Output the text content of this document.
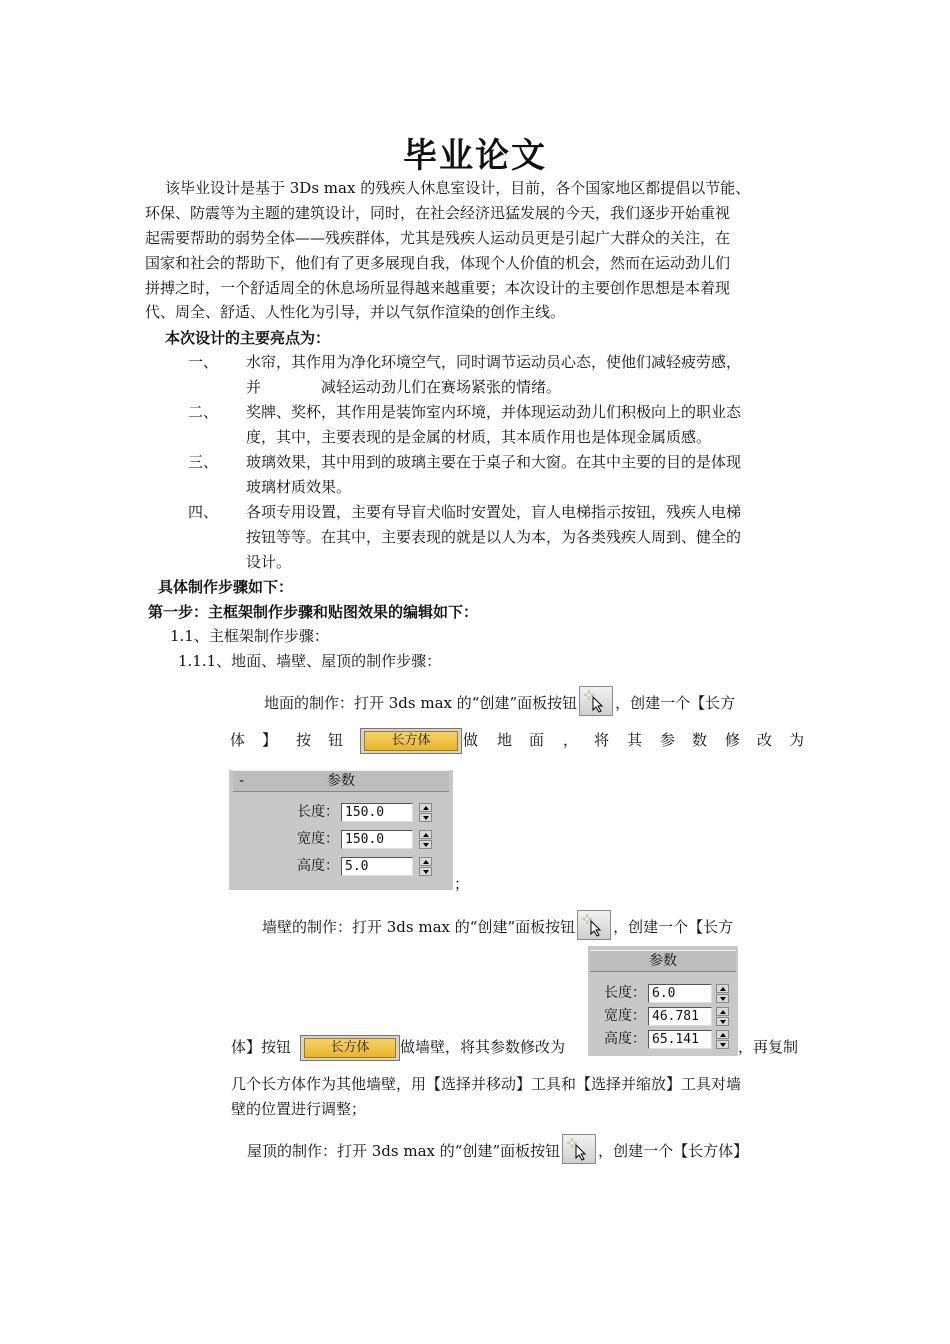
毕业论文
该毕业设计是基于 3Ds max 的残疾人休息室设计，目前，各个国家地区都提倡以节能、
环保、防震等为主题的建筑设计，同时，在社会经济迅猛发展的今天，我们逐步开始重视
起需要帮助的弱势全体——残疾群体，尤其是残疾人运动员更是引起广大群众的关注，在
国家和社会的帮助下，他们有了更多展现自我，体现个人价值的机会，然而在运动劲儿们
拼搏之时，一个舒适周全的休息场所显得越来越重要；本次设计的主要创作思想是本着现
代、周全、舒适、人性化为引导，并以气氛作渲染的创作主线。
本次设计的主要亮点为：
一、 水帘，其作用为净化环境空气，同时调节运动员心态，使他们减轻疲劳感，
并　　　　减轻运动劲儿们在赛场紧张的情绪。
二、 奖牌、奖杯，其作用是装饰室内环境，并体现运动劲儿们积极向上的职业态
度，其中，主要表现的是金属的材质，其本质作用也是体现金属质感。
三、 玻璃效果，其中用到的玻璃主要在于桌子和大窗。在其中主要的目的是体现
玻璃材质效果。
四、 各项专用设置，主要有导盲犬临时安置处，盲人电梯指示按钮，残疾人电梯
按钮等等。在其中，主要表现的就是以人为本，为各类残疾人周到、健全的
设计。
具体制作步骤如下：
第一步：主框架制作步骤和贴图效果的编辑如下：
1.1、主框架制作步骤：
1.1.1、地面、墙壁、屋顶的制作步骤：
地面的制作：打开 3ds max 的“创建”面板按钮	，创建一个【长方
体 】 按 钮	长方体	做 地 面 ， 将 其 参 数 修 改 为
-	参数
长度： 150.0
宽度： 150.0
高度： 5.0
；
墙壁的制作：打开 3ds max 的“创建”面板按钮	，创建一个【长方
参数
长度： 6.0
宽度： 46.781
高度： 65.141
体】按钮	长方体	做墙壁，将其参数修改为	，再复制
几个长方体作为其他墙壁，用【选择并移动】工具和【选择并缩放】工具对墙
壁的位置进行调整；
屋顶的制作：打开 3ds max 的“创建”面板按钮	，创建一个【长方体】
